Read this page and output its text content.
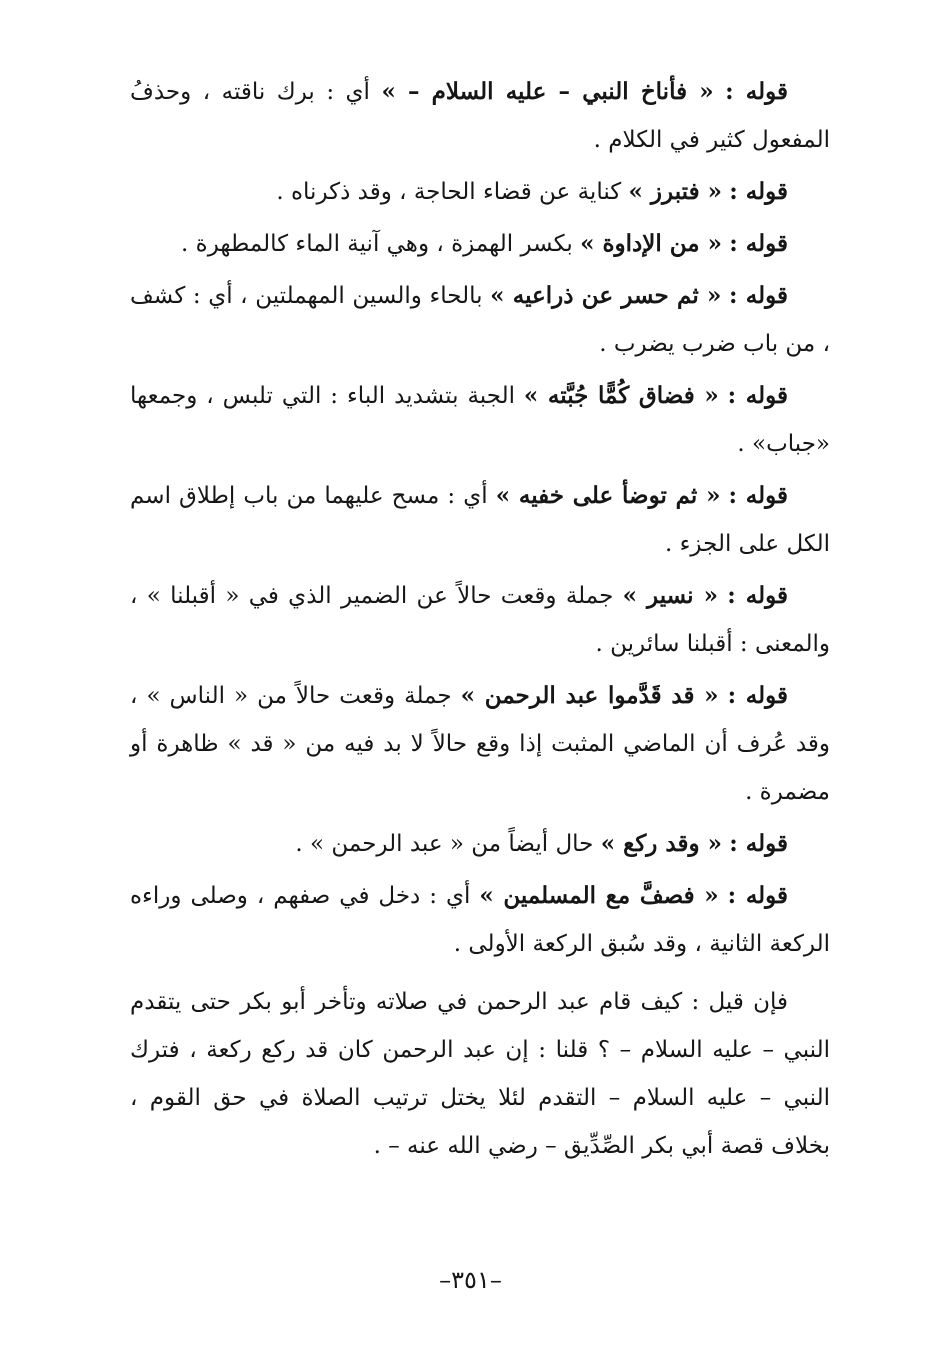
قوله : « فأناخ النبي – عليه السلام – » أي : برك ناقته ، وحذفُ المفعول كثير في الكلام .

قوله : « فتبرز » كناية عن قضاء الحاجة ، وقد ذكرناه .

قوله : « من الإداوة » بكسر الهمزة ، وهي آنية الماء كالمطهرة .

قوله : « ثم حسر عن ذراعيه » بالحاء والسين المهملتين ، أي : كشف ، من باب ضرب يضرب .

قوله : « فضاق كُمًّا جُبَّته » الجبة بتشديد الباء : التي تلبس ، وجمعها «جباب» .

قوله : « ثم توضأ على خفيه » أي : مسح عليهما من باب إطلاق اسم الكل على الجزء .

قوله : « نسير » جملة وقعت حالاً عن الضمير الذي في « أقبلنا » ، والمعنى : أقبلنا سائرين .

قوله : « قد قَدَّموا عبد الرحمن » جملة وقعت حالاً من « الناس » ، وقد عُرف أن الماضي المثبت إذا وقع حالاً لا بد فيه من « قد » ظاهرة أو مضمرة .

قوله : « وقد ركع » حال أيضاً من « عبد الرحمن » .

قوله : « فصفَّ مع المسلمين » أي : دخل في صفهم ، وصلى وراءه الركعة الثانية ، وقد سُبق الركعة الأولى .

فإن قيل : كيف قام عبد الرحمن في صلاته وتأخر أبو بكر حتى يتقدم النبي – عليه السلام – ؟ قلنا : إن عبد الرحمن كان قد ركع ركعة ، فترك النبي – عليه السلام – التقدم لئلا يختل ترتيب الصلاة في حق القوم ، بخلاف قصة أبي بكر الصِّدِّيق – رضي الله عنه – .

–٣٥١–
